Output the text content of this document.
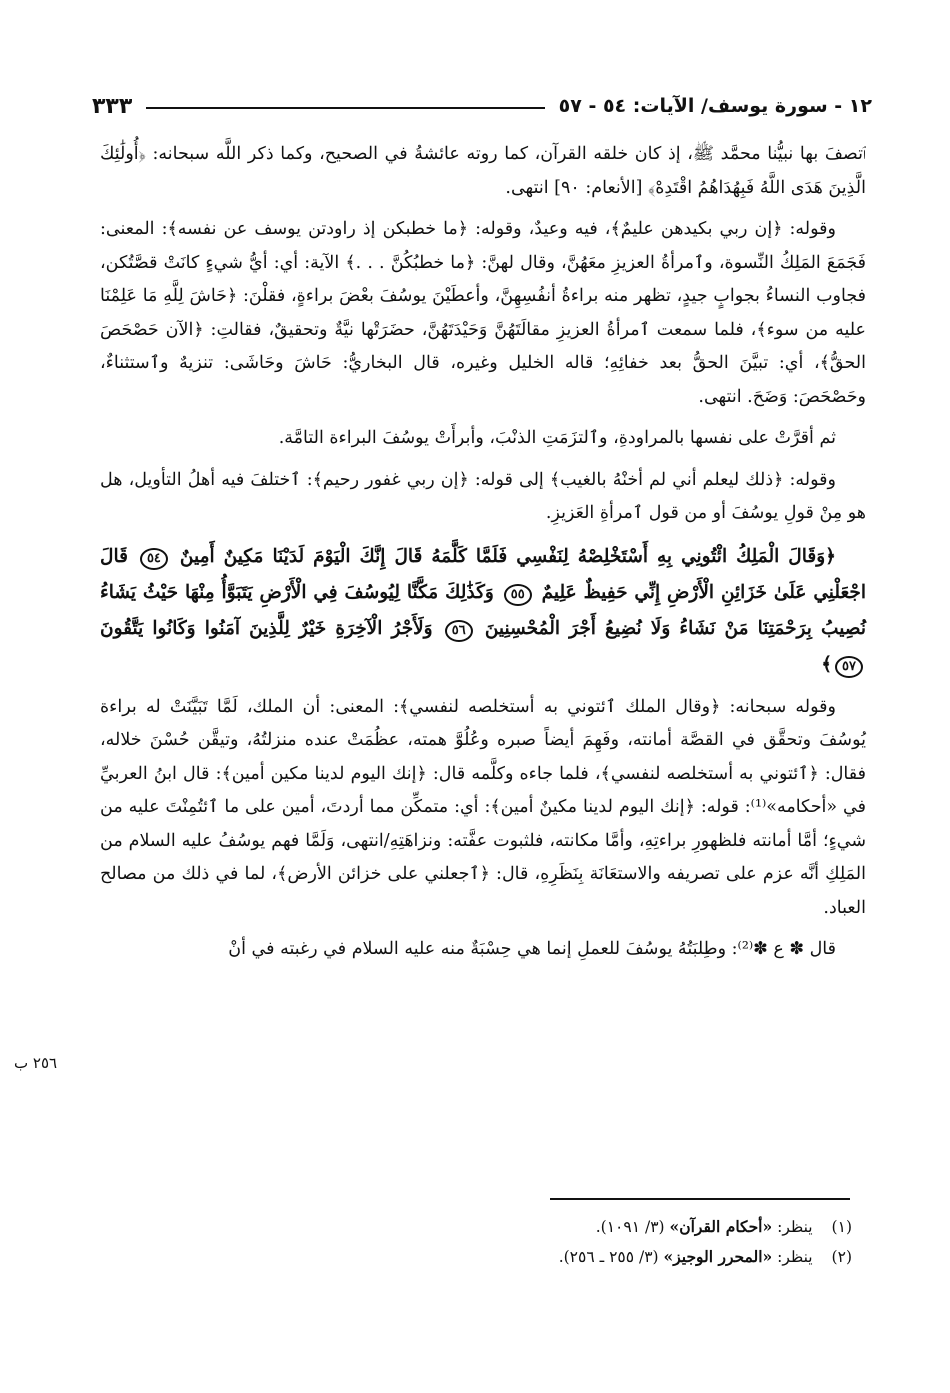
١٢ - سورة يوسف/ الآيات: ٥٤ - ٥٧
٣٣٣

ٱتصفَ بها نبيُّنا محمَّد ﷺ، إذ كان خلقه القرآن، كما روته عائشةُ في الصحيح، وكما ذكر اللَّه سبحانه: ﴿أُولَٰئِكَ الَّذِينَ هَدَى اللَّهُ فَبِهُدَاهُمُ اقْتَدِهْ﴾ [الأنعام: ٩٠] انتهى.

وقوله: ﴿إن ربي بكيدهن عليمٌ﴾، فيه وعيدٌ، وقوله: ﴿ما خطبكن إذ راودتن يوسف عن نفسه﴾: المعنى: فَجَمَعَ المَلِكُ النِّسوة، وٱمرأةُ العزيزِ معَهُنَّ، وقال لهنَّ: ﴿ما خطبُكُنَّ . . .﴾ الآية: أي: أيُّ شيءٍ كانَتْ قصَّتُكن، فجاوب النساءُ بجوابٍ جيدٍ، تظهر منه براءةُ أنفُسِهِنَّ، وأعطَيْنَ يوسُفَ بعْضَ براءةٍ، فقلْنَ: ﴿حَاشَ لِلَّهِ مَا عَلِمْنَا عليه من سوء﴾، فلما سمعت ٱمرأةُ العزيزِ مقالَتَهُنَّ وَحَيْدَتَهُنَّ، حضَرَتْها نيَّةٌ وتحقيقٌ، فقالتِ: ﴿الآن حَصْحَصَ الحقُّ﴾، أي: تبيَّنَ الحقُّ بعد خفائِهِ؛ قاله الخليل وغيره، قال البخاريُّ: حَاشَ وحَاشَى: تنزيهٌ وٱستثناءٌ، وحَصْحَصَ: وَضَحَ. انتهى.

ثم أقرَّتْ على نفسها بالمراودةِ، وٱلتزَمَتِ الذنْبَ، وأبرأَتْ يوسُفَ البراءة التامَّة.

وقوله: ﴿ذلك ليعلم أني لم أخنْهُ بالغيب﴾ إلى قوله: ﴿إن ربي غفور رحيم﴾: ٱختلفَ فيه أهلُ التأويل، هل هو مِنْ قولِ يوسُفَ أو من قول ٱمرأةِ العَزيزِ.

﴿وَقَالَ الْمَلِكُ ائْتُونِي بِهِ أَسْتَخْلِصْهُ لِنَفْسِي فَلَمَّا كَلَّمَهُ قَالَ إِنَّكَ الْيَوْمَ لَدَيْنَا مَكِينٌ أَمِينٌ ٥٤ قَالَ اجْعَلْنِي عَلَىٰ خَزَائِنِ الْأَرْضِ إِنِّي حَفِيظٌ عَلِيمٌ ٥٥ وَكَذَٰلِكَ مَكَّنَّا لِيُوسُفَ فِي الْأَرْضِ يَتَبَوَّأُ مِنْهَا حَيْثُ يَشَاءُ نُصِيبُ بِرَحْمَتِنَا مَنْ نَشَاءُ وَلَا نُضِيعُ أَجْرَ الْمُحْسِنِينَ ٥٦ وَلَأَجْرُ الْآخِرَةِ خَيْرٌ لِلَّذِينَ آمَنُوا وَكَانُوا يَتَّقُونَ ٥٧﴾

وقوله سبحانه: ﴿وقال الملك ٱئتوني به أستخلصه لنفسي﴾: المعنى: أن الملك، لَمَّا تَبَيَّنَتْ له براءة يُوسُفَ وتحقَّق في القصَّة أمانته، وفَهِمَ أيضاً صبره وعُلُوَّ همته، عظُمَتْ عنده منزلتُهُ، وتيقَّن حُسْنَ خلاله، فقال: ﴿ٱئتوني به أستخلصه لنفسي﴾، فلما جاءه وكلَّمه قال: ﴿إنك اليوم لدينا مكين أمين﴾: قال ابنُ العربيِّ في «أحكامه»⁽¹⁾: قوله: ﴿إنك اليوم لدينا مكينٌ أمين﴾: أي: متمكِّن مما أردتَ، أمين على ما ٱئتُمِنْتَ عليه من شيءٍ؛ أمَّا أمانته فلظهورِ براءتِهِ، وأمَّا مكانته، فلثبوت عفَّته: ونزاهَتِهِ/انتهى، وَلَمَّا فهم يوسُفُ عليه السلام من المَلِكِ أنَّه عزم على تصريفه والاستعَانَة بِنَظَرِهِ، قال: ﴿ٱجعلني على خزائن الأرض﴾، لما في ذلك من مصالح العباد.

قال ✽ ع ✽⁽²⁾: وطِلبَتُهُ يوسُفَ للعملِ إنما هي حِسْبَةٌ منه عليه السلام في رغبته في أنْ

٢٥٦ ب

(١) ينظر: «أحكام القرآن» (٣/ ١٠٩١).

(٢) ينظر: «المحرر الوجيز» (٣/ ٢٥٥ ـ ٢٥٦).
